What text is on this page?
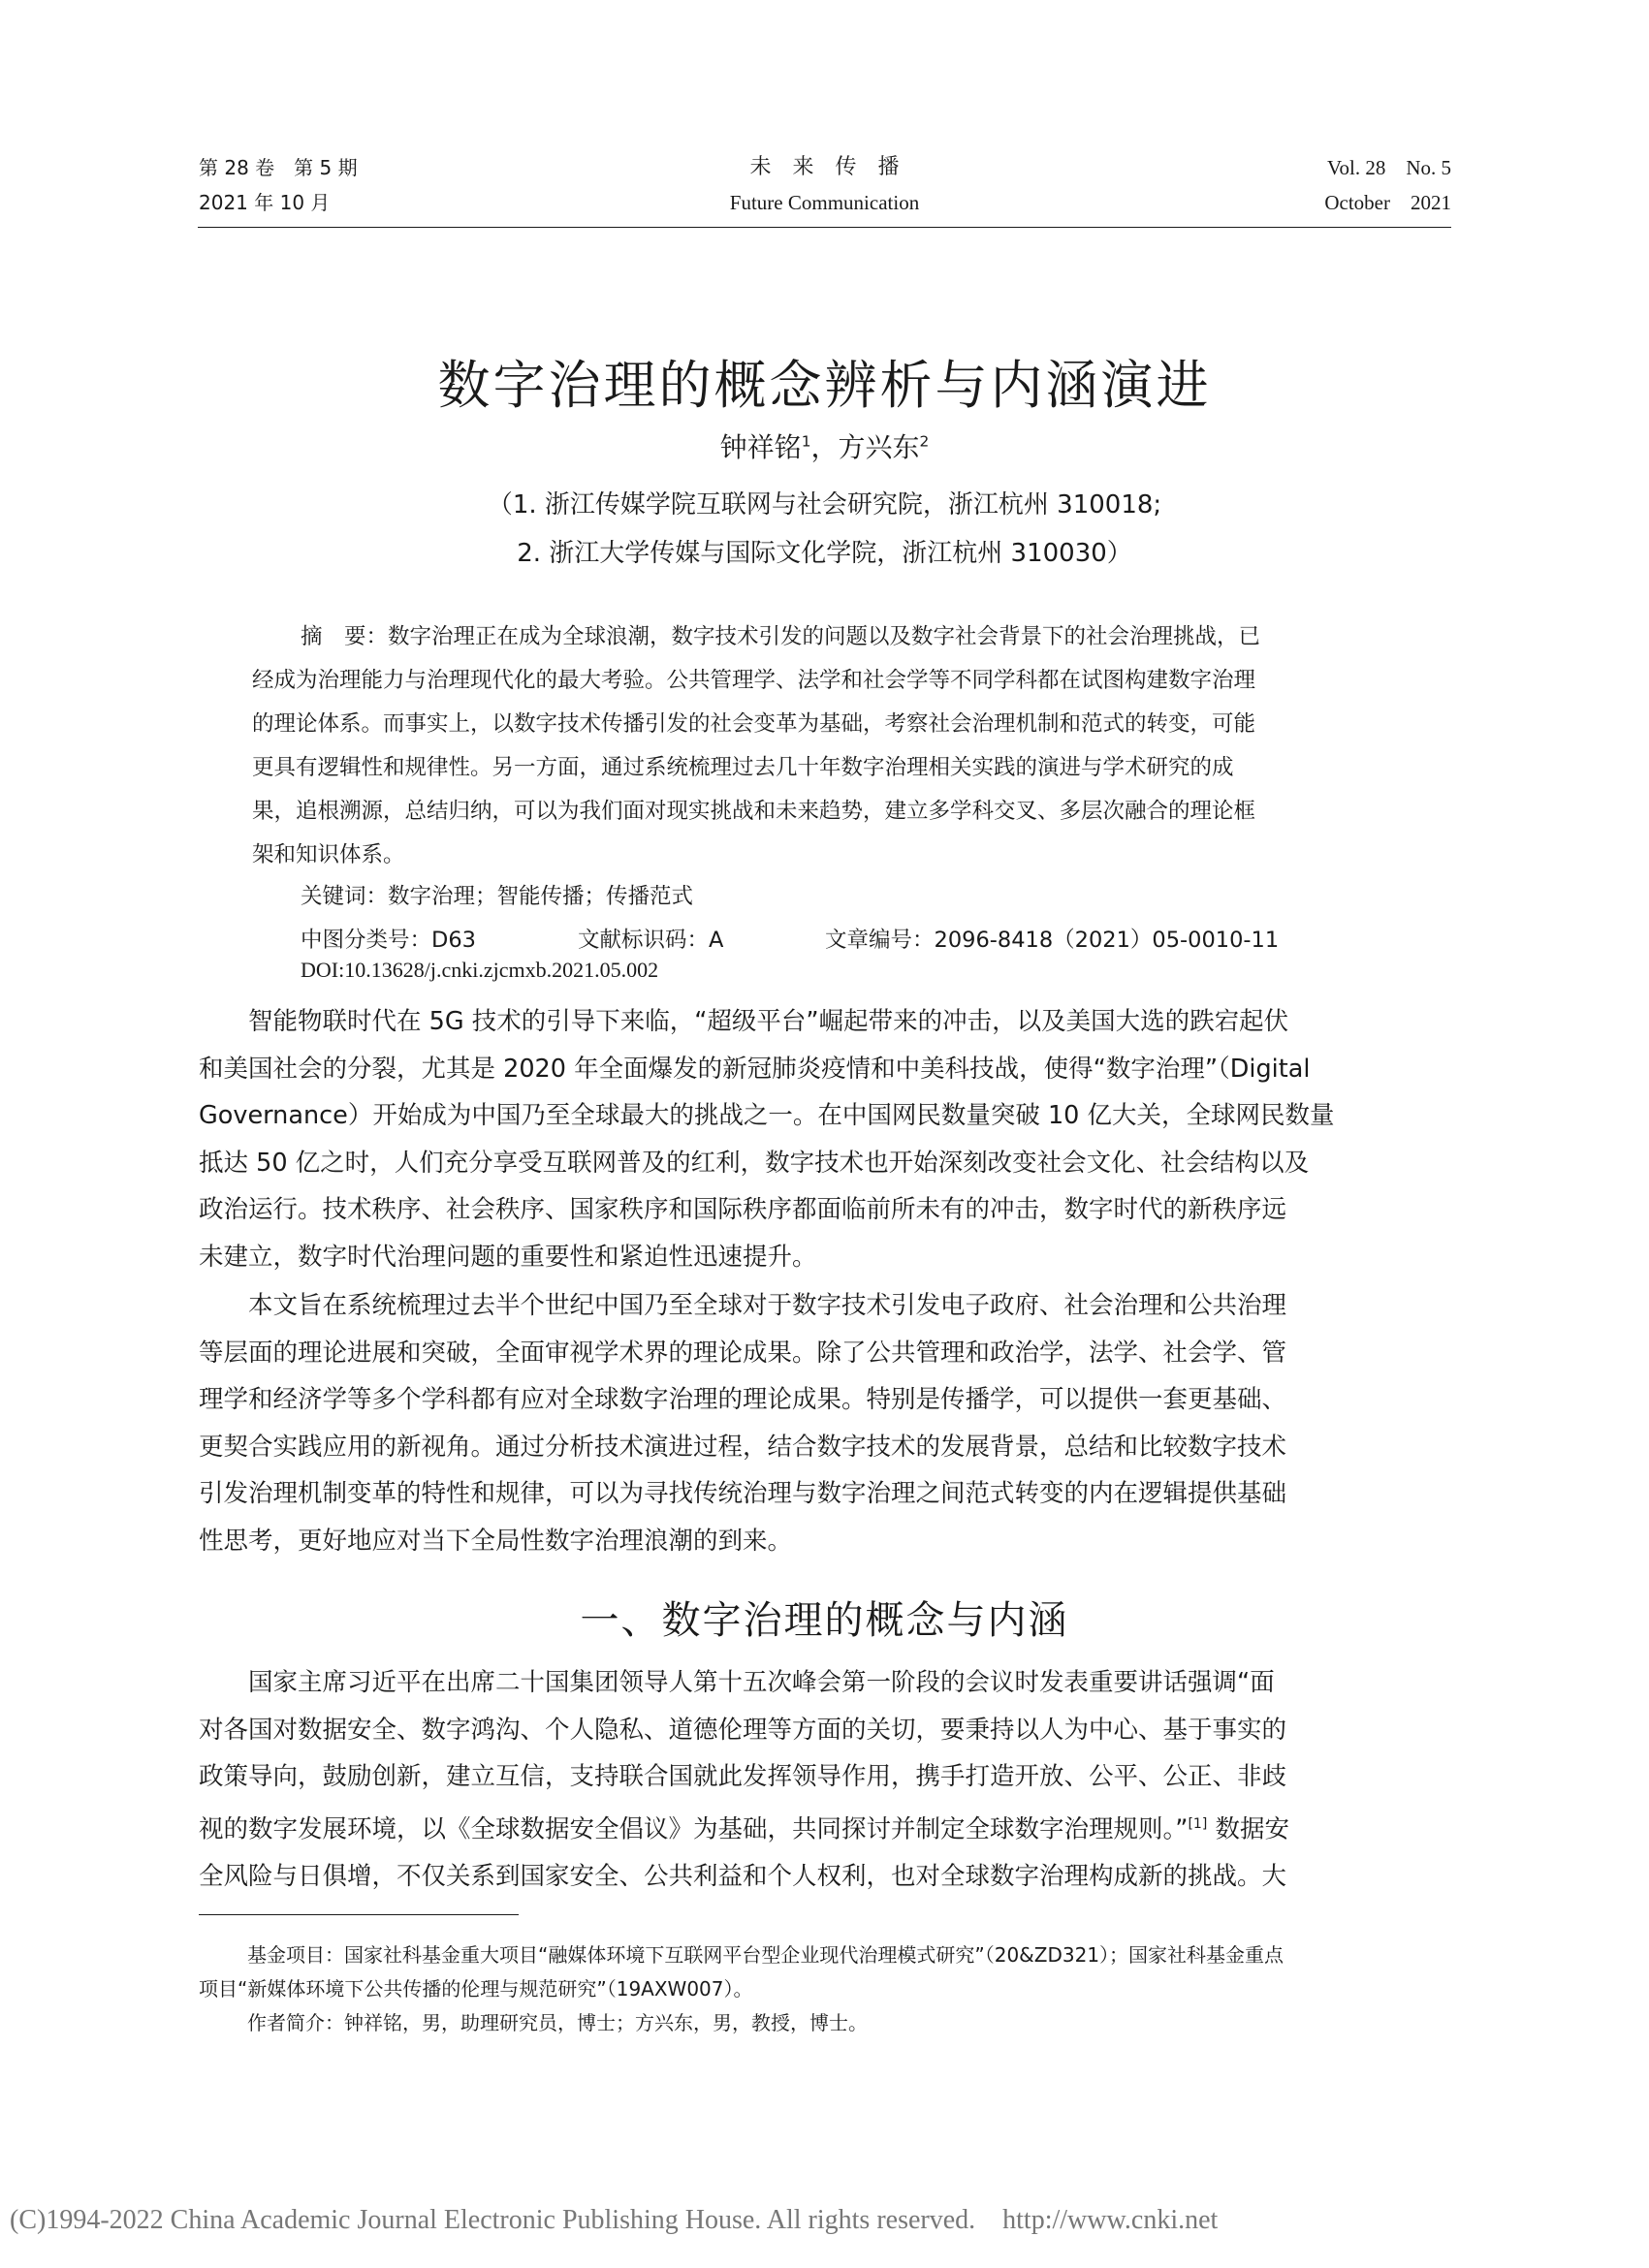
第 28 卷　第 5 期
2021 年 10 月
未　来　传　播
Future Communication
Vol. 28　No. 5
October　2021
数字治理的概念辨析与内涵演进
钟祥铭$^1$，方兴东$^2$
（1. 浙江传媒学院互联网与社会研究院，浙江杭州 310018;
2. 浙江大学传媒与国际文化学院，浙江杭州 310030）
摘　要：数字治理正在成为全球浪潮，数字技术引发的问题以及数字社会背景下的社会治理挑战，已
经成为治理能力与治理现代化的最大考验。公共管理学、法学和社会学等不同学科都在试图构建数字治理
的理论体系。而事实上，以数字技术传播引发的社会变革为基础，考察社会治理机制和范式的转变，可能
更具有逻辑性和规律性。另一方面，通过系统梳理过去几十年数字治理相关实践的演进与学术研究的成
果，追根溯源，总结归纳，可以为我们面对现实挑战和未来趋势，建立多学科交叉、多层次融合的理论框
架和知识体系。
关键词：数字治理；智能传播；传播范式
中图分类号：D63	文献标识码：A	文章编号：2096-8418（2021）05-0010-11
DOI:10.13628/j.cnki.zjcmxb.2021.05.002
　　智能物联时代在 5G 技术的引导下来临，“超级平台”崛起带来的冲击，以及美国大选的跌宕起伏
和美国社会的分裂，尤其是 2020 年全面爆发的新冠肺炎疫情和中美科技战，使得“数字治理”（Digital
Governance）开始成为中国乃至全球最大的挑战之一。在中国网民数量突破 10 亿大关，全球网民数量
抵达 50 亿之时，人们充分享受互联网普及的红利，数字技术也开始深刻改变社会文化、社会结构以及
政治运行。技术秩序、社会秩序、国家秩序和国际秩序都面临前所未有的冲击，数字时代的新秩序远
未建立，数字时代治理问题的重要性和紧迫性迅速提升。
　　本文旨在系统梳理过去半个世纪中国乃至全球对于数字技术引发电子政府、社会治理和公共治理
等层面的理论进展和突破，全面审视学术界的理论成果。除了公共管理和政治学，法学、社会学、管
理学和经济学等多个学科都有应对全球数字治理的理论成果。特别是传播学，可以提供一套更基础、
更契合实践应用的新视角。通过分析技术演进过程，结合数字技术的发展背景，总结和比较数字技术
引发治理机制变革的特性和规律，可以为寻找传统治理与数字治理之间范式转变的内在逻辑提供基础
性思考，更好地应对当下全局性数字治理浪潮的到来。
一、数字治理的概念与内涵
　　国家主席习近平在出席二十国集团领导人第十五次峰会第一阶段的会议时发表重要讲话强调“面
对各国对数据安全、数字鸿沟、个人隐私、道德伦理等方面的关切，要秉持以人为中心、基于事实的
政策导向，鼓励创新，建立互信，支持联合国就此发挥领导作用，携手打造开放、公平、公正、非歧
视的数字发展环境，以《全球数据安全倡议》为基础，共同探讨并制定全球数字治理规则。”[1] 数据安
全风险与日俱增，不仅关系到国家安全、公共利益和个人权利，也对全球数字治理构成新的挑战。大
基金项目：国家社科基金重大项目“融媒体环境下互联网平台型企业现代治理模式研究”（20&ZD321）；国家社科基金重点
项目“新媒体环境下公共传播的伦理与规范研究”（19AXW007）。
作者简介：钟祥铭，男，助理研究员，博士；方兴东，男，教授，博士。
(C)1994-2022 China Academic Journal Electronic Publishing House. All rights reserved.　http://www.cnki.net
